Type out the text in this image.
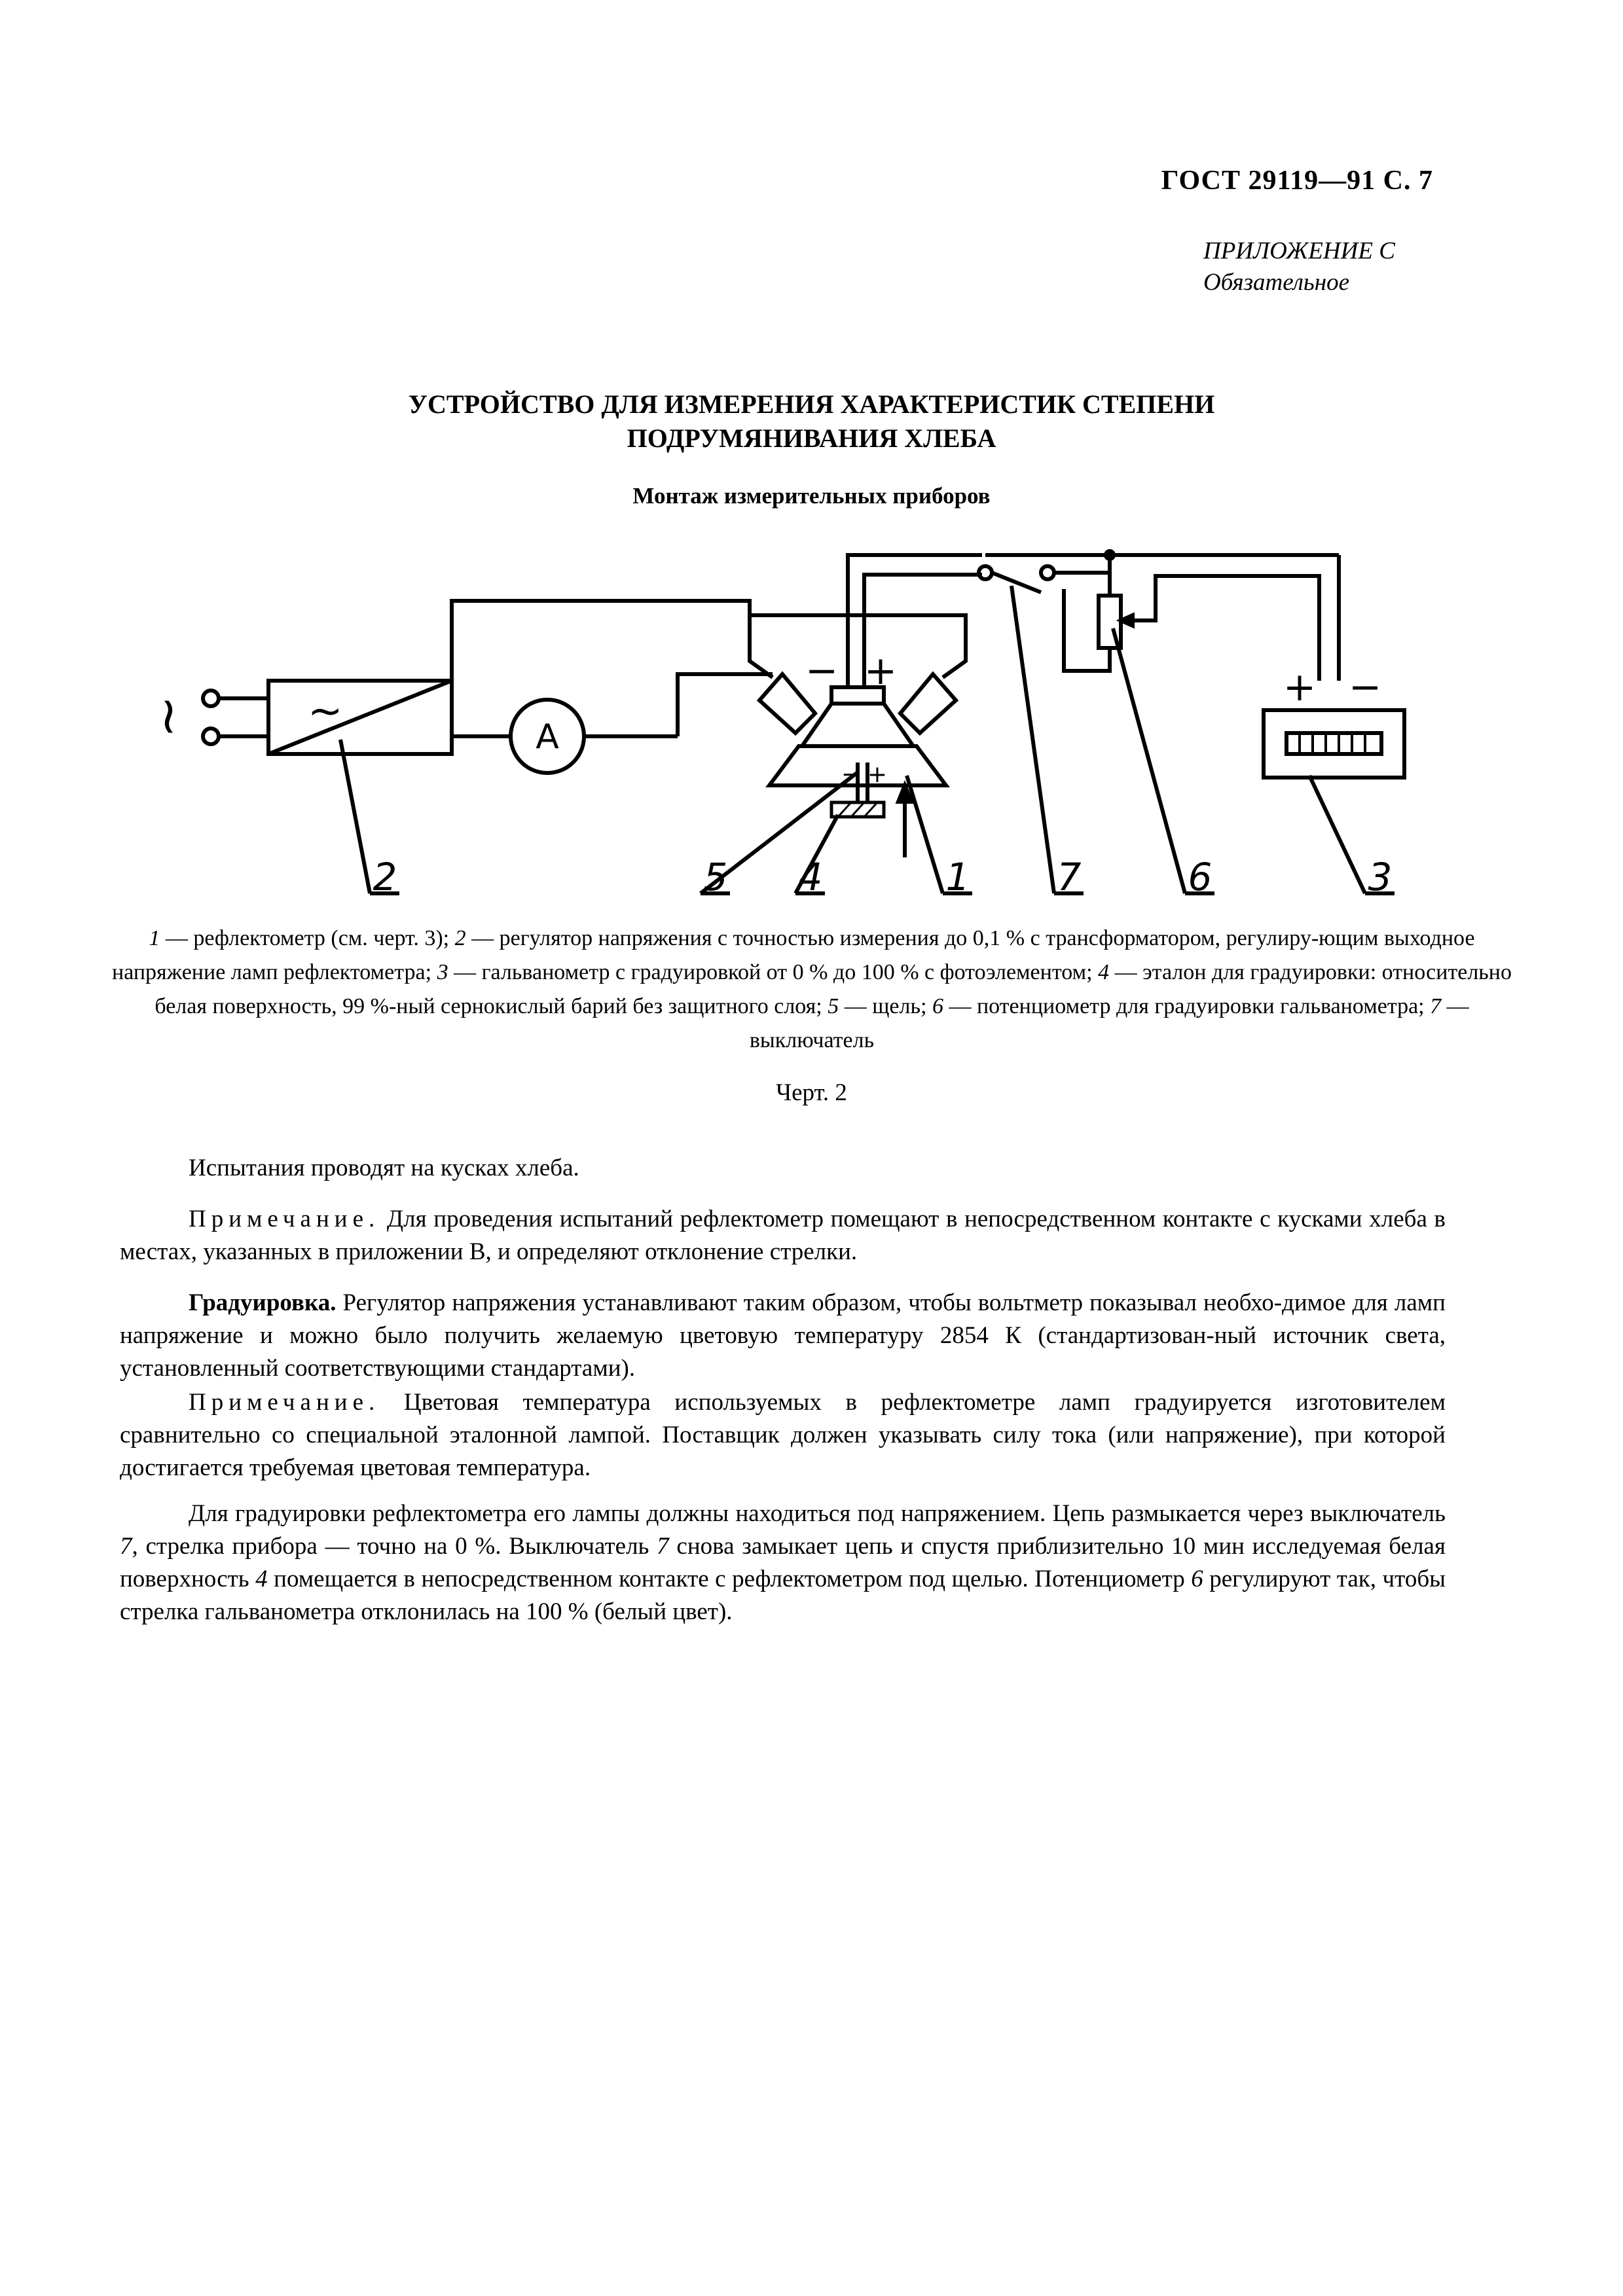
ГОСТ 29119—91 С. 7
ПРИЛОЖЕНИЕ С
Обязательное
УСТРОЙСТВО ДЛЯ ИЗМЕРЕНИЯ ХАРАКТЕРИСТИК СТЕПЕНИ
ПОДРУМЯНИВАНИЯ ХЛЕБА
Монтаж измерительных приборов
∼	~
A
− +
− +
+ −
2	5 4	1 7	6	3
1 — рефлектометр (см. черт. 3); 2 — регулятор напряжения с точностью измерения до 0,1 % с трансформатором, регулиру-ющим выходное напряжение ламп рефлектометра; 3 — гальванометр с градуировкой от 0 % до 100 % с фотоэлементом; 4 — эталон для градуировки: относительно белая поверхность, 99 %-ный сернокислый барий без защитного слоя; 5 — щель; 6 — потенциометр для градуировки гальванометра; 7 — выключатель
Черт. 2
Испытания проводят на кусках хлеба.
Примечание. Для проведения испытаний рефлектометр помещают в непосредственном контакте с кусками хлеба в местах, указанных в приложении В, и определяют отклонение стрелки.
Градуировка. Регулятор напряжения устанавливают таким образом, чтобы вольтметр показывал необхо-димое для ламп напряжение и можно было получить желаемую цветовую температуру 2854 К (стандартизован-ный источник света, установленный соответствующими стандартами).
Примечание. Цветовая температура используемых в рефлектометре ламп градуируется изготовителем сравнительно со специальной эталонной лампой. Поставщик должен указывать силу тока (или напряжение), при которой достигается требуемая цветовая температура.
Для градуировки рефлектометра его лампы должны находиться под напряжением. Цепь размыкается через выключатель 7, стрелка прибора — точно на 0 %. Выключатель 7 снова замыкает цепь и спустя приблизительно 10 мин исследуемая белая поверхность 4 помещается в непосредственном контакте с рефлектометром под щелью. Потенциометр 6 регулируют так, чтобы стрелка гальванометра отклонилась на 100 % (белый цвет).
